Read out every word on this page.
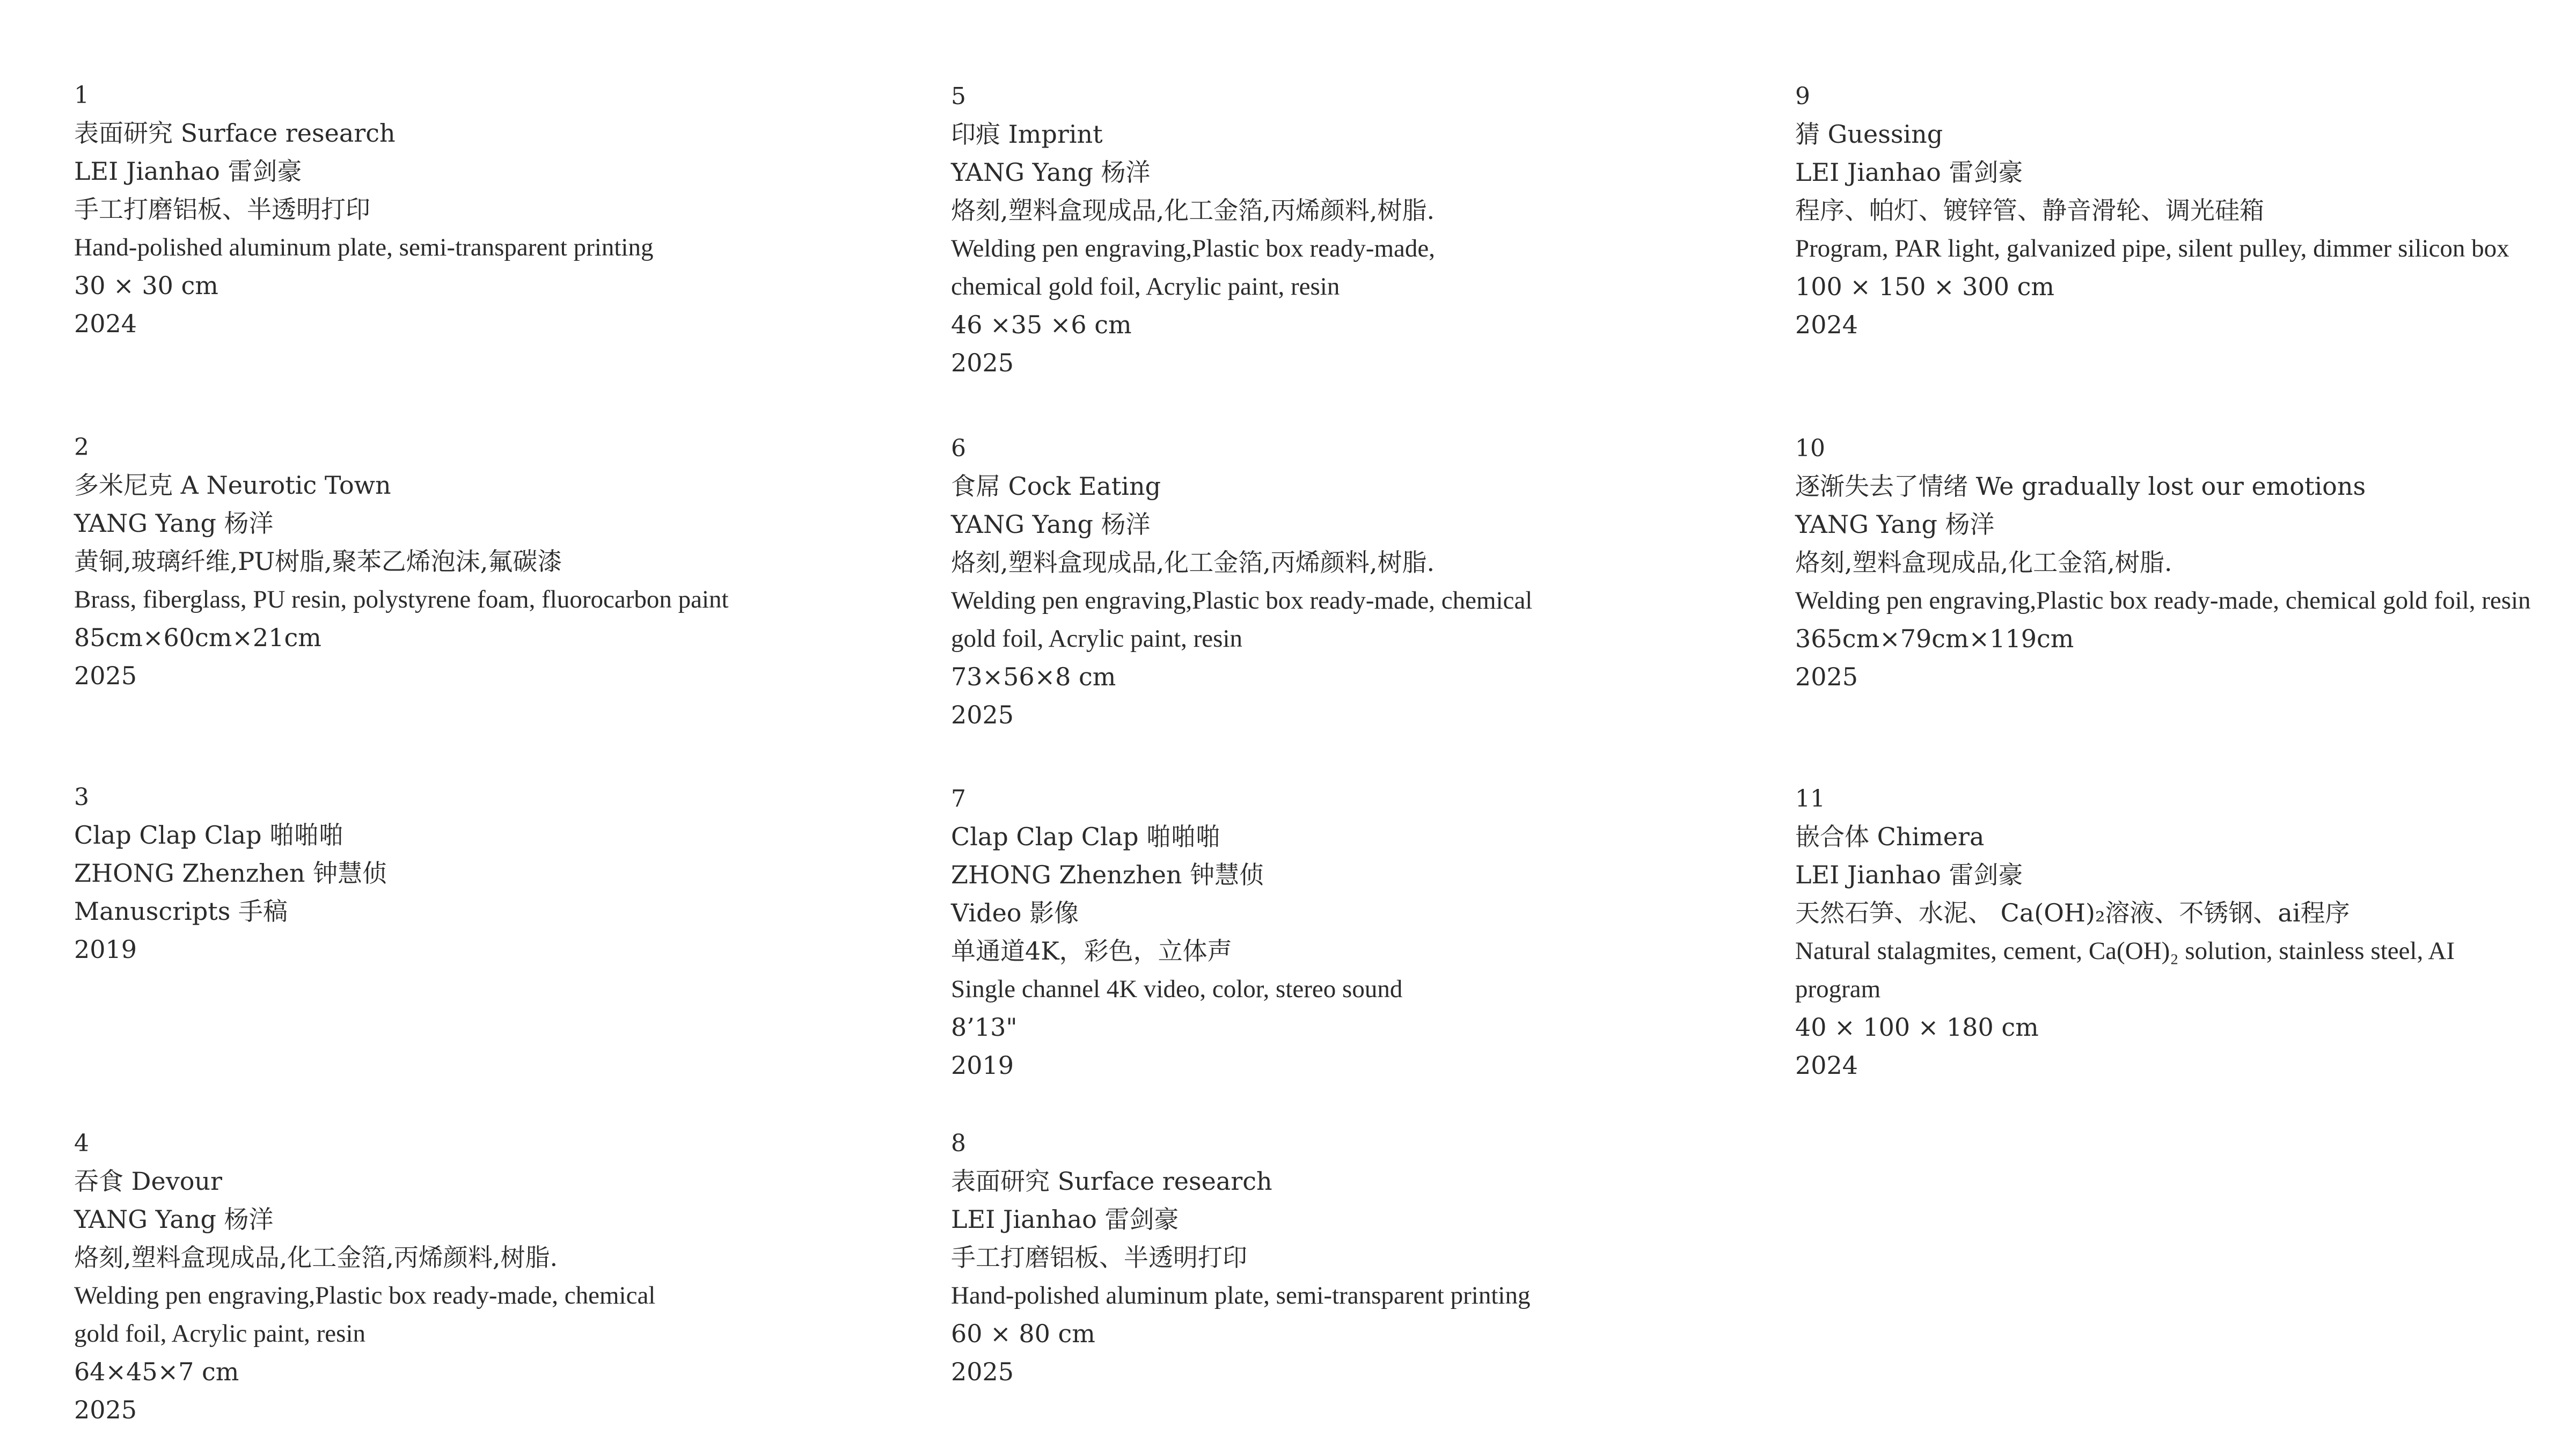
1
表面研究 Surface research
LEI Jianhao 雷剑豪
手工打磨铝板、半透明打印
Hand-polished aluminum plate, semi-transparent printing
30 × 30 cm
2024
2
多米尼克 A Neurotic Town
YANG Yang 杨洋
黄铜,玻璃纤维,PU树脂,聚苯乙烯泡沫,氟碳漆
Brass, fiberglass, PU resin, polystyrene foam, fluorocarbon paint
85cm×60cm×21cm
2025
3
Clap Clap Clap 啪啪啪
ZHONG Zhenzhen 钟慧侦
Manuscripts 手稿
2019
4
吞食 Devour
YANG Yang 杨洋
烙刻,塑料盒现成品,化工金箔,丙烯颜料,树脂.
Welding pen engraving,Plastic box ready-made, chemical
gold foil, Acrylic paint, resin
64×45×7 cm
2025
5
印痕 Imprint
YANG Yang 杨洋
烙刻,塑料盒现成品,化工金箔,丙烯颜料,树脂.
Welding pen engraving,Plastic box ready-made,
chemical gold foil, Acrylic paint, resin
46 ×35 ×6 cm
2025
6
食屌 Cock Eating
YANG Yang 杨洋
烙刻,塑料盒现成品,化工金箔,丙烯颜料,树脂.
Welding pen engraving,Plastic box ready-made, chemical
gold foil, Acrylic paint, resin
73×56×8 cm
2025
7
Clap Clap Clap 啪啪啪
ZHONG Zhenzhen 钟慧侦
Video 影像
单通道4K，彩色，立体声
Single channel 4K video, color, stereo sound
8’13"
2019
8
表面研究 Surface research
LEI Jianhao 雷剑豪
手工打磨铝板、半透明打印
Hand-polished aluminum plate, semi-transparent printing
60 × 80 cm
2025
9
猜 Guessing
LEI Jianhao 雷剑豪
程序、帕灯、镀锌管、静音滑轮、调光硅箱
Program, PAR light, galvanized pipe, silent pulley, dimmer silicon box
100 × 150 × 300 cm
2024
10
逐渐失去了情绪 We gradually lost our emotions
YANG Yang 杨洋
烙刻,塑料盒现成品,化工金箔,树脂.
Welding pen engraving,Plastic box ready-made, chemical gold foil, resin
365cm×79cm×119cm
2025
11
嵌合体 Chimera
LEI Jianhao 雷剑豪
天然石笋、水泥、 Ca(OH)₂溶液、不锈钢、ai程序
Natural stalagmites, cement, Ca(OH)₂ solution, stainless steel, AI
program
40 × 100 × 180 cm
2024
